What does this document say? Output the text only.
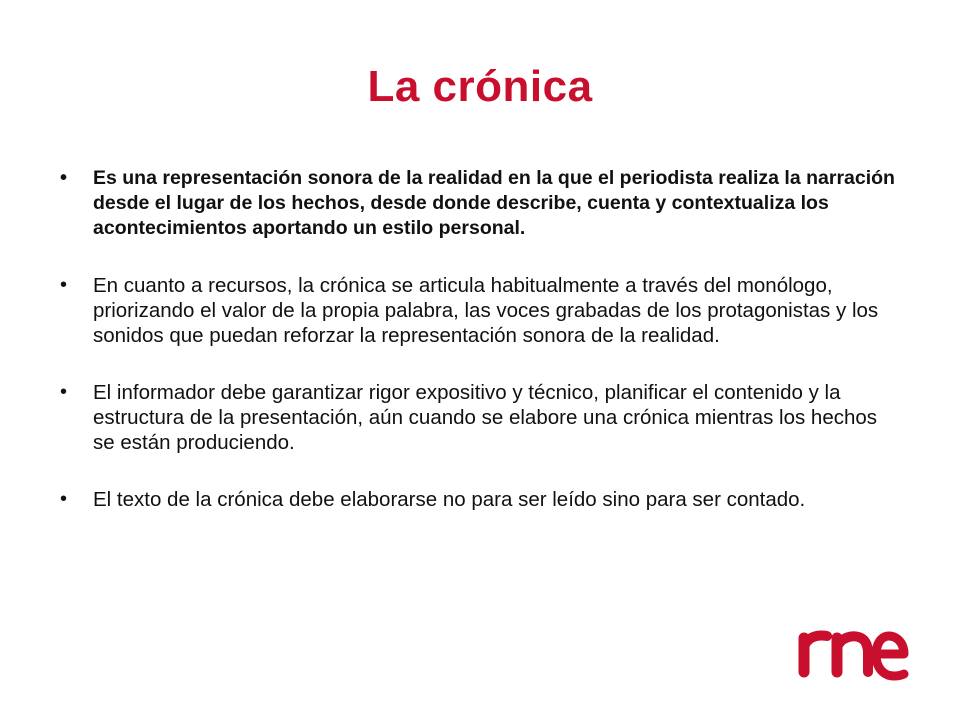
La crónica
• Es una representación sonora de la realidad en la que el periodista realiza la narración desde el lugar de los hechos, desde donde describe, cuenta y contextualiza los acontecimientos aportando un estilo personal.
• En cuanto a recursos, la crónica se articula habitualmente a través del monólogo, priorizando el valor de la propia palabra, las voces grabadas de los protagonistas y los sonidos que puedan reforzar la representación sonora de la realidad.
• El informador debe garantizar rigor expositivo y técnico, planificar el contenido y la estructura de la presentación, aún cuando se elabore una crónica mientras los hechos se están produciendo.
• El texto de la crónica debe elaborarse no para ser leído sino para ser contado.
